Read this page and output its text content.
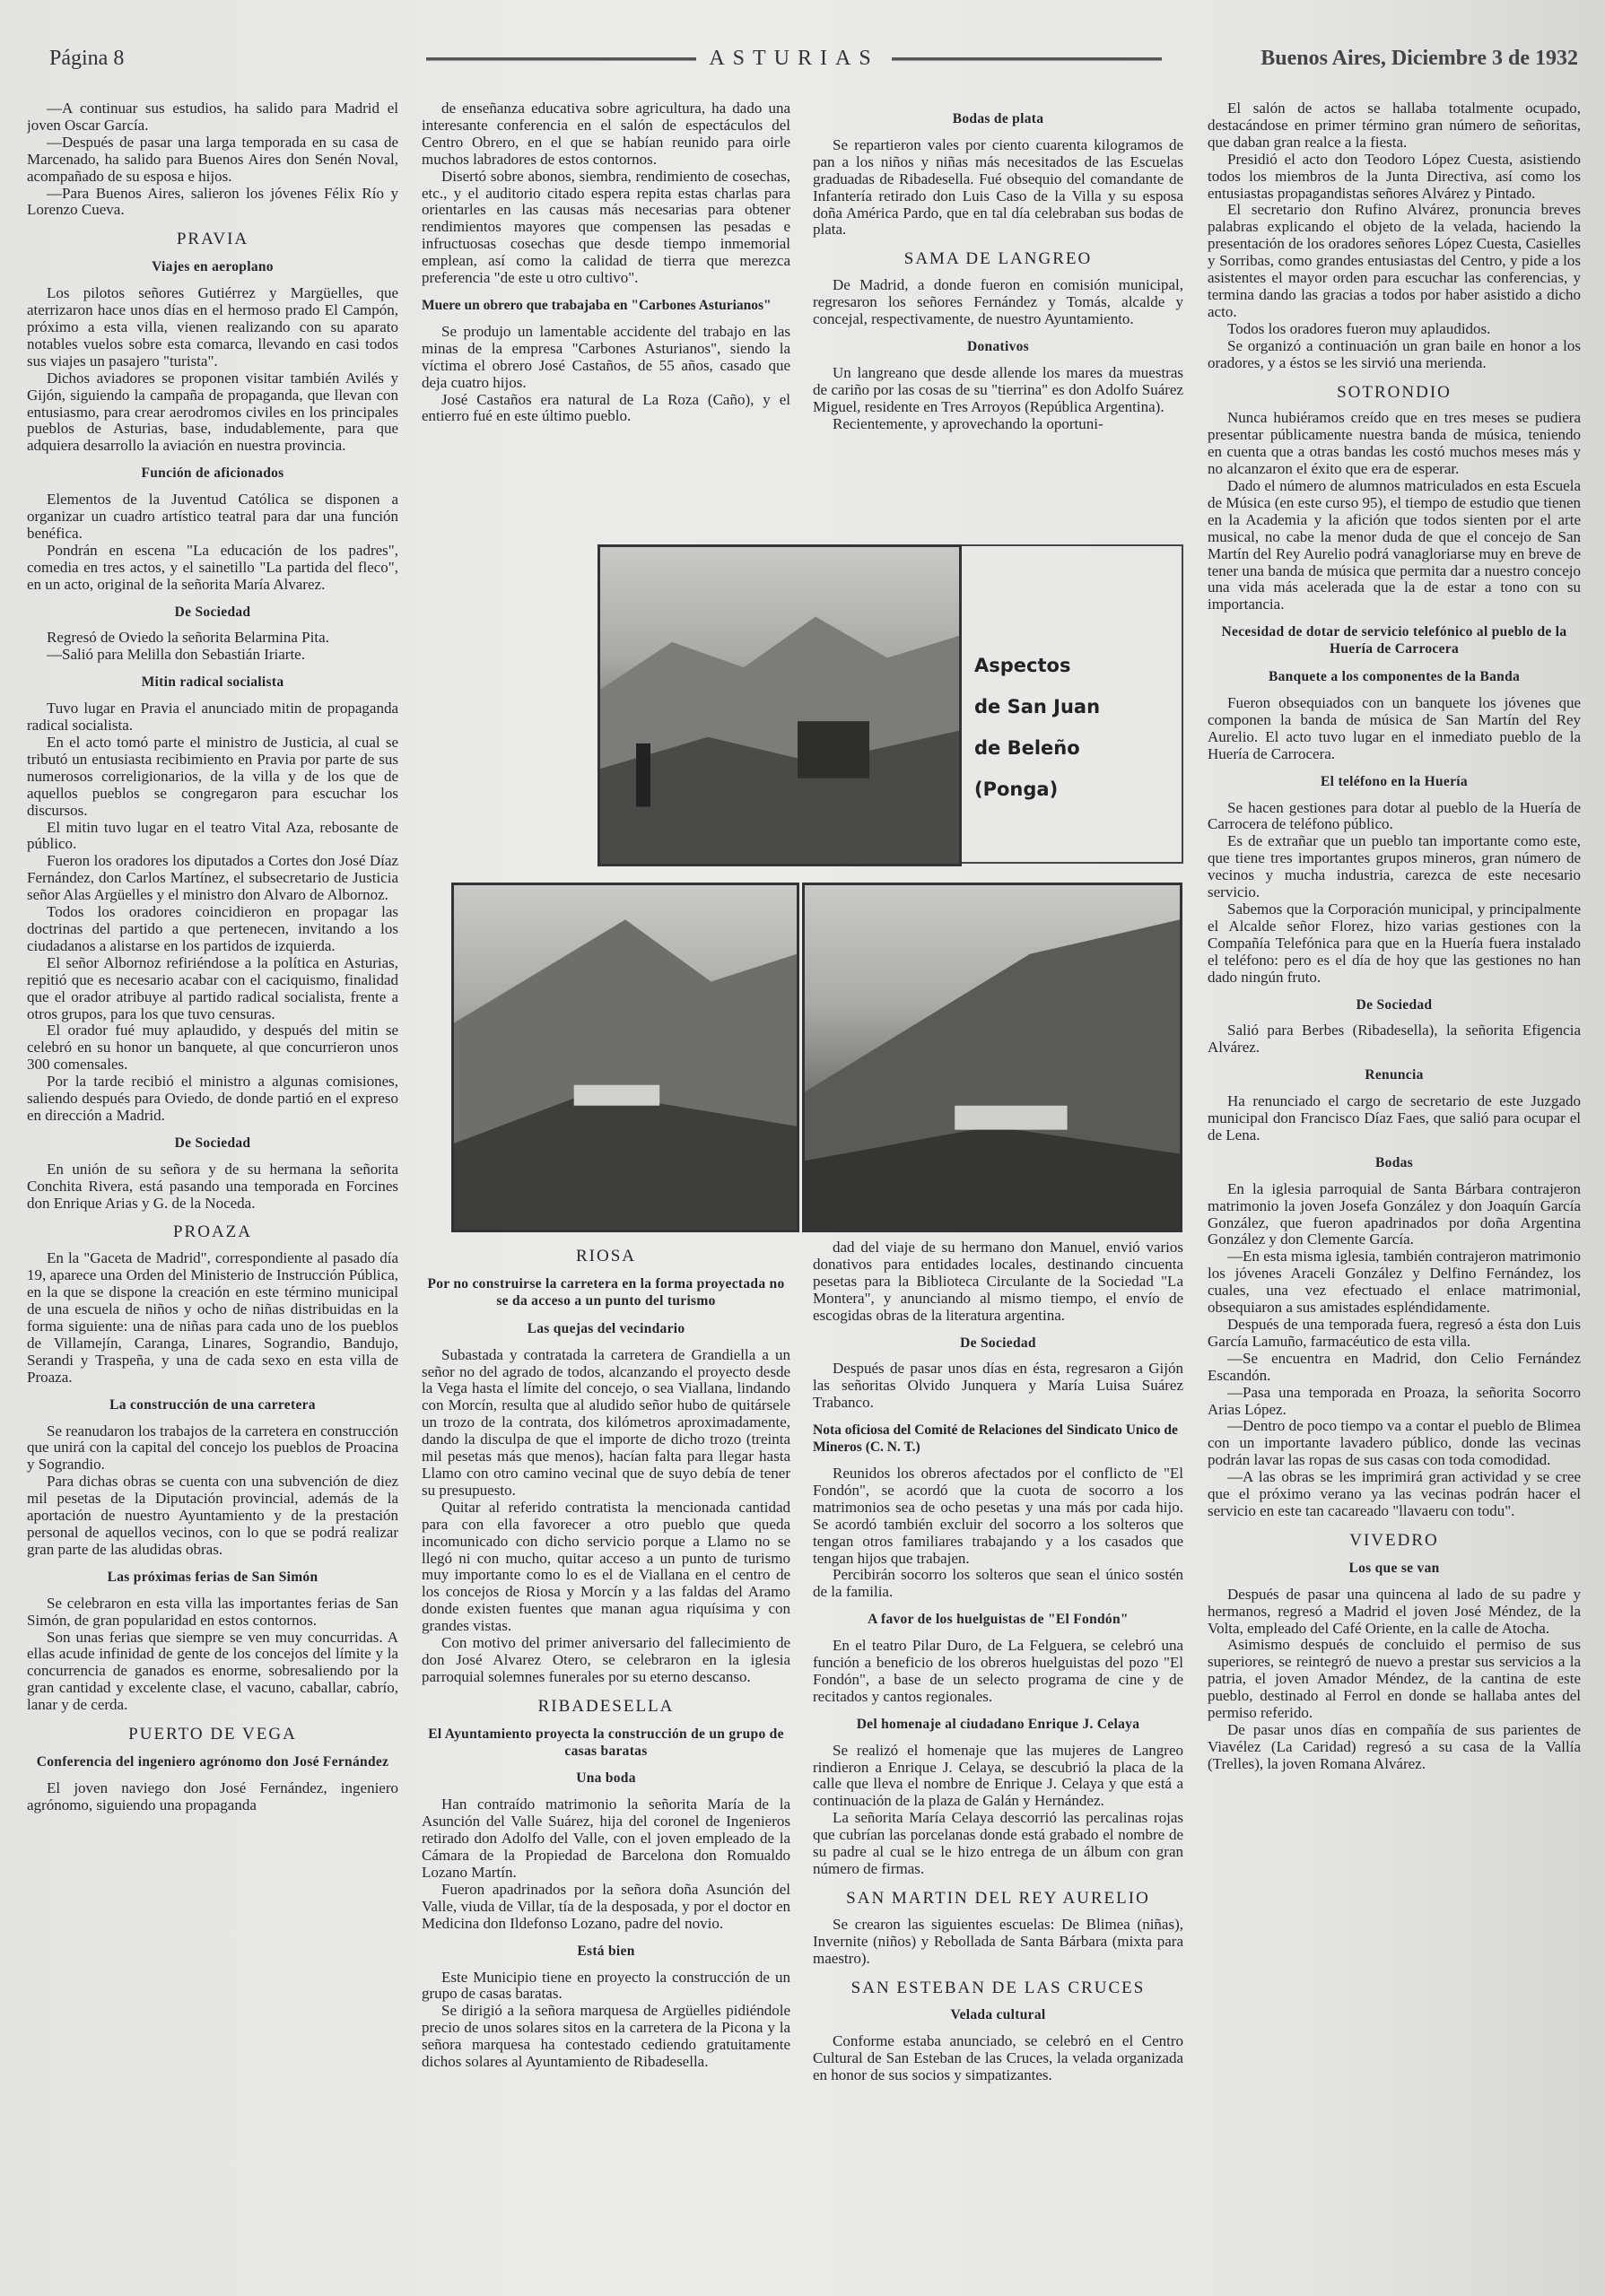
Página 8	ASTURIAS	Buenos Aires, Diciembre 3 de 1932

—A continuar sus estudios, ha salido para Madrid el joven Oscar García.

—Después de pasar una larga temporada en su casa de Marcenado, ha salido para Buenos Aires don Senén Noval, acompañado de su esposa e hijos.

—Para Buenos Aires, salieron los jóvenes Félix Río y Lorenzo Cueva.

PRAVIA
Viajes en aeroplano

Los pilotos señores Gutiérrez y Margüelles, que aterrizaron hace unos días en el hermoso prado El Campón, próximo a esta villa, vienen realizando con su aparato notables vuelos sobre esta comarca, llevando en casi todos sus viajes un pasajero "turista".

Dichos aviadores se proponen visitar también Avilés y Gijón, siguiendo la campaña de propaganda, que llevan con entusiasmo, para crear aerodromos civiles en los principales pueblos de Asturias, base, indudablemente, para que adquiera desarrollo la aviación en nuestra provincia.

Función de aficionados

Elementos de la Juventud Católica se disponen a organizar un cuadro artístico teatral para dar una función benéfica.

Pondrán en escena "La educación de los padres", comedia en tres actos, y el sainetillo "La partida del fleco", en un acto, original de la señorita María Alvarez.

De Sociedad

Regresó de Oviedo la señorita Belarmina Pita.

—Salió para Melilla don Sebastián Iriarte.

Mitin radical socialista

Tuvo lugar en Pravia el anunciado mitin de propaganda radical socialista.

En el acto tomó parte el ministro de Justicia, al cual se tributó un entusiasta recibimiento en Pravia por parte de sus numerosos correligionarios, de la villa y de los que de aquellos pueblos se congregaron para escuchar los discursos.

El mitin tuvo lugar en el teatro Vital Aza, rebosante de público.

Fueron los oradores los diputados a Cortes don José Díaz Fernández, don Carlos Martínez, el subsecretario de Justicia señor Alas Argüelles y el ministro don Alvaro de Albornoz.

Todos los oradores coincidieron en propagar las doctrinas del partido a que pertenecen, invitando a los ciudadanos a alistarse en los partidos de izquierda.

El señor Albornoz refiriéndose a la política en Asturias, repitió que es necesario acabar con el caciquismo, finalidad que el orador atribuye al partido radical socialista, frente a otros grupos, para los que tuvo censuras.

El orador fué muy aplaudido, y después del mitin se celebró en su honor un banquete, al que concurrieron unos 300 comensales.

Por la tarde recibió el ministro a algunas comisiones, saliendo después para Oviedo, de donde partió en el expreso en dirección a Madrid.

De Sociedad

En unión de su señora y de su hermana la señorita Conchita Rivera, está pasando una temporada en Forcines don Enrique Arias y G. de la Noceda.

PROAZA

En la "Gaceta de Madrid", correspondiente al pasado día 19, aparece una Orden del Ministerio de Instrucción Pública, en la que se dispone la creación en este término municipal de una escuela de niños y ocho de niñas distribuidas en la forma siguiente: una de niñas para cada uno de los pueblos de Villamejín, Caranga, Linares, Sograndio, Bandujo, Serandi y Traspeña, y una de cada sexo en esta villa de Proaza.

La construcción de una carretera

Se reanudaron los trabajos de la carretera en construcción que unirá con la capital del concejo los pueblos de Proacina y Sograndio.

Para dichas obras se cuenta con una subvención de diez mil pesetas de la Diputación provincial, además de la aportación de nuestro Ayuntamiento y de la prestación personal de aquellos vecinos, con lo que se podrá realizar gran parte de las aludidas obras.

Las próximas ferias de San Simón

Se celebraron en esta villa las importantes ferias de San Simón, de gran popularidad en estos contornos.

Son unas ferias que siempre se ven muy concurridas. A ellas acude infinidad de gente de los concejos del límite y la concurrencia de ganados es enorme, sobresaliendo por la gran cantidad y excelente clase, el vacuno, caballar, cabrío, lanar y de cerda.

PUERTO DE VEGA
Conferencia del ingeniero agrónomo don José Fernández

El joven naviego don José Fernández, ingeniero agrónomo, siguiendo una propaganda

de enseñanza educativa sobre agricultura, ha dado una interesante conferencia en el salón de espectáculos del Centro Obrero, en el que se habían reunido para oirle muchos labradores de estos contornos.

Disertó sobre abonos, siembra, rendimiento de cosechas, etc., y el auditorio citado espera repita estas charlas para orientarles en las causas más necesarias para obtener rendimientos mayores que compensen las pesadas e infructuosas cosechas que desde tiempo inmemorial emplean, así como la calidad de tierra que merezca preferencia "de este u otro cultivo".

Muere un obrero que trabajaba en "Carbones Asturianos"

Se produjo un lamentable accidente del trabajo en las minas de la empresa "Carbones Asturianos", siendo la víctima el obrero José Castaños, de 55 años, casado que deja cuatro hijos.

José Castaños era natural de La Roza (Caño), y el entierro fué en este último pueblo.

Bodas de plata

Se repartieron vales por ciento cuarenta kilogramos de pan a los niños y niñas más necesitados de las Escuelas graduadas de Ribadesella. Fué obsequio del comandante de Infantería retirado don Luis Caso de la Villa y su esposa doña América Pardo, que en tal día celebraban sus bodas de plata.

SAMA DE LANGREO

De Madrid, a donde fueron en comisión municipal, regresaron los señores Fernández y Tomás, alcalde y concejal, respectivamente, de nuestro Ayuntamiento.

Donativos

Un langreano que desde allende los mares da muestras de cariño por las cosas de su "tierrina" es don Adolfo Suárez Miguel, residente en Tres Arroyos (República Argentina).

Recientemente, y aprovechando la oportuni-

RIOSA
Por no construirse la carretera en la forma proyectada no se da acceso a un punto del turismo
Las quejas del vecindario

Subastada y contratada la carretera de Grandiella a un señor no del agrado de todos, alcanzando el proyecto desde la Vega hasta el límite del concejo, o sea Viallana, lindando con Morcín, resulta que al aludido señor hubo de quitársele un trozo de la contrata, dos kilómetros aproximadamente, dando la disculpa de que el importe de dicho trozo (treinta mil pesetas más que menos), hacían falta para llegar hasta Llamo con otro camino vecinal que de suyo debía de tener su presupuesto.

Quitar al referido contratista la mencionada cantidad para con ella favorecer a otro pueblo que queda incomunicado con dicho servicio porque a Llamo no se llegó ni con mucho, quitar acceso a un punto de turismo muy importante como lo es el de Viallana en el centro de los concejos de Riosa y Morcín y a las faldas del Aramo donde existen fuentes que manan agua riquísima y con grandes vistas.

Con motivo del primer aniversario del fallecimiento de don José Alvarez Otero, se celebraron en la iglesia parroquial solemnes funerales por su eterno descanso.

RIBADESELLA
El Ayuntamiento proyecta la construcción de un grupo de casas baratas
Una boda

Han contraído matrimonio la señorita María de la Asunción del Valle Suárez, hija del coronel de Ingenieros retirado don Adolfo del Valle, con el joven empleado de la Cámara de la Propiedad de Barcelona don Romualdo Lozano Martín.

Fueron apadrinados por la señora doña Asunción del Valle, viuda de Villar, tía de la desposada, y por el doctor en Medicina don Ildefonso Lozano, padre del novio.

Está bien

Este Municipio tiene en proyecto la construcción de un grupo de casas baratas.

Se dirigió a la señora marquesa de Argüelles pidiéndole precio de unos solares sitos en la carretera de la Picona y la señora marquesa ha contestado cediendo gratuitamente dichos solares al Ayuntamiento de Ribadesella.

dad del viaje de su hermano don Manuel, envió varios donativos para entidades locales, destinando cincuenta pesetas para la Biblioteca Circulante de la Sociedad "La Montera", y anunciando al mismo tiempo, el envío de escogidas obras de la literatura argentina.

De Sociedad

Después de pasar unos días en ésta, regresaron a Gijón las señoritas Olvido Junquera y María Luisa Suárez Trabanco.

Nota oficiosa del Comité de Relaciones del Sindicato Unico de Mineros (C. N. T.)

Reunidos los obreros afectados por el conflicto de "El Fondón", se acordó que la cuota de socorro a los matrimonios sea de ocho pesetas y una más por cada hijo. Se acordó también excluir del socorro a los solteros que tengan otros familiares trabajando y a los casados que tengan hijos que trabajen.

Percibirán socorro los solteros que sean el único sostén de la familia.

A favor de los huelguistas de "El Fondón"

En el teatro Pilar Duro, de La Felguera, se celebró una función a beneficio de los obreros huelguistas del pozo "El Fondón", a base de un selecto programa de cine y de recitados y cantos regionales.

Del homenaje al ciudadano Enrique J. Celaya

Se realizó el homenaje que las mujeres de Langreo rindieron a Enrique J. Celaya, se descubrió la placa de la calle que lleva el nombre de Enrique J. Celaya y que está a continuación de la plaza de Galán y Hernández.

La señorita María Celaya descorrió las percalinas rojas que cubrían las porcelanas donde está grabado el nombre de su padre al cual se le hizo entrega de un álbum con gran número de firmas.

SAN MARTIN DEL REY AURELIO

Se crearon las siguientes escuelas: De Blimea (niñas), Invernite (niños) y Rebollada de Santa Bárbara (mixta para maestro).

SAN ESTEBAN DE LAS CRUCES
Velada cultural

Conforme estaba anunciado, se celebró en el Centro Cultural de San Esteban de las Cruces, la velada organizada en honor de sus socios y simpatizantes.

El salón de actos se hallaba totalmente ocupado, destacándose en primer término gran número de señoritas, que daban gran realce a la fiesta.

Presidió el acto don Teodoro López Cuesta, asistiendo todos los miembros de la Junta Directiva, así como los entusiastas propagandistas señores Alvárez y Pintado.

El secretario don Rufino Alvárez, pronuncia breves palabras explicando el objeto de la velada, haciendo la presentación de los oradores señores López Cuesta, Casielles y Sorribas, como grandes entusiastas del Centro, y pide a los asistentes el mayor orden para escuchar las conferencias, y termina dando las gracias a todos por haber asistido a dicho acto.

Todos los oradores fueron muy aplaudidos.

Se organizó a continuación un gran baile en honor a los oradores, y a éstos se les sirvió una merienda.

SOTRONDIO

Nunca hubiéramos creído que en tres meses se pudiera presentar públicamente nuestra banda de música, teniendo en cuenta que a otras bandas les costó muchos meses más y no alcanzaron el éxito que era de esperar.

Dado el número de alumnos matriculados en esta Escuela de Música (en este curso 95), el tiempo de estudio que tienen en la Academia y la afición que todos sienten por el arte musical, no cabe la menor duda de que el concejo de San Martín del Rey Aurelio podrá vanagloriarse muy en breve de tener una banda de música que permita dar a nuestro concejo una vida más acelerada que la de estar a tono con su importancia.

Necesidad de dotar de servicio telefónico al pueblo de la Huería de Carrocera
Banquete a los componentes de la Banda

Fueron obsequiados con un banquete los jóvenes que componen la banda de música de San Martín del Rey Aurelio. El acto tuvo lugar en el inmediato pueblo de la Huería de Carrocera.

El teléfono en la Huería

Se hacen gestiones para dotar al pueblo de la Huería de Carrocera de teléfono público.

Es de extrañar que un pueblo tan importante como este, que tiene tres importantes grupos mineros, gran número de vecinos y mucha industria, carezca de este necesario servicio.

Sabemos que la Corporación municipal, y principalmente el Alcalde señor Florez, hizo varias gestiones con la Compañía Telefónica para que en la Huería fuera instalado el teléfono: pero es el día de hoy que las gestiones no han dado ningún fruto.

De Sociedad

Salió para Berbes (Ribadesella), la señorita Efigencia Alvárez.

Renuncia

Ha renunciado el cargo de secretario de este Juzgado municipal don Francisco Díaz Faes, que salió para ocupar el de Lena.

Bodas

En la iglesia parroquial de Santa Bárbara contrajeron matrimonio la joven Josefa González y don Joaquín García González, que fueron apadrinados por doña Argentina González y don Clemente García.

—En esta misma iglesia, también contrajeron matrimonio los jóvenes Araceli González y Delfino Fernández, los cuales, una vez efectuado el enlace matrimonial, obsequiaron a sus amistades espléndidamente.

Después de una temporada fuera, regresó a ésta don Luis García Lamuño, farmacéutico de esta villa.

—Se encuentra en Madrid, don Celio Fernández Escandón.

—Pasa una temporada en Proaza, la señorita Socorro Arias López.

—Dentro de poco tiempo va a contar el pueblo de Blimea con un importante lavadero público, donde las vecinas podrán lavar las ropas de sus casas con toda comodidad.

—A las obras se les imprimirá gran actividad y se cree que el próximo verano ya las vecinas podrán hacer el servicio en este tan cacareado "llavaeru con todu".

VIVEDRO
Los que se van

Después de pasar una quincena al lado de su padre y hermanos, regresó a Madrid el joven José Méndez, de la Volta, empleado del Café Oriente, en la calle de Atocha.

Asimismo después de concluido el permiso de sus superiores, se reintegró de nuevo a prestar sus servicios a la patria, el joven Amador Méndez, de la cantina de este pueblo, destinado al Ferrol en donde se hallaba antes del permiso referido.

De pasar unos días en compañía de sus parientes de Viavélez (La Caridad) regresó a su casa de la Vallía (Trelles), la joven Romana Alvárez.

Aspectos
de San Juan
de Beleño
(Ponga)
